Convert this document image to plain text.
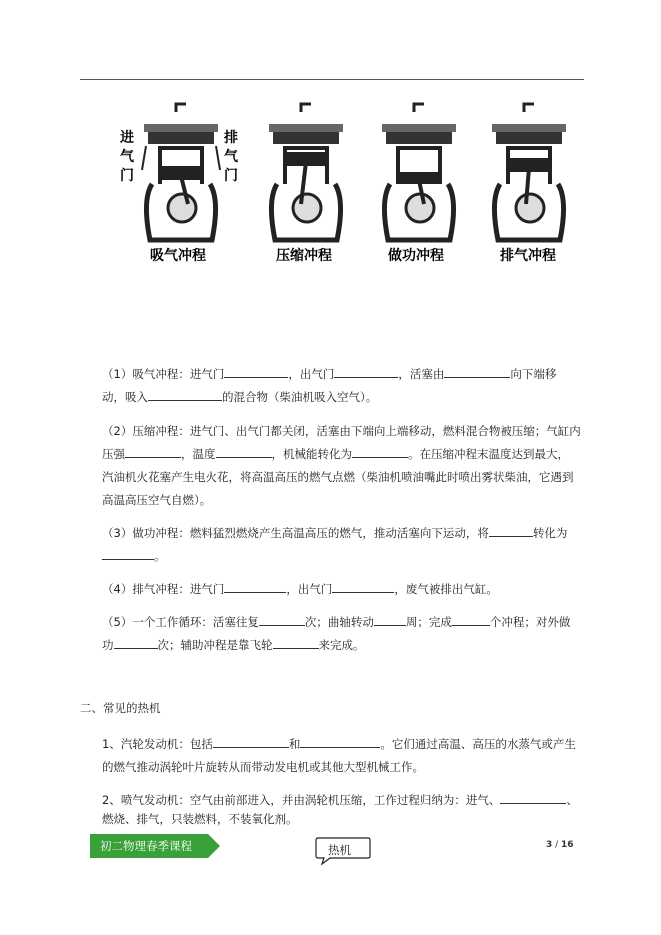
进气门
排气门
吸气冲程	压缩冲程	做功冲程	排气冲程
（1）吸气冲程：进气门	，出气门	，活塞由	向下端移
动，吸入	的混合物（柴油机吸入空气）。
（2）压缩冲程：进气门、出气门都关闭，活塞由下端向上端移动，燃料混合物被压缩；气缸内
压强	，温度	，机械能转化为	。在压缩冲程末温度达到最大，
汽油机火花塞产生电火花，将高温高压的燃气点燃（柴油机喷油嘴此时喷出雾状柴油，它遇到
高温高压空气自燃）。
（3）做功冲程：燃料猛烈燃烧产生高温高压的燃气，推动活塞向下运动，将	转化为
。
（4）排气冲程：进气门	，出气门	，废气被排出气缸。
（5）一个工作循环：活塞往复	次；曲轴转动	周；完成	个冲程；对外做
功	次；辅助冲程是靠飞轮	来完成。
二、常见的热机
1、汽轮发动机：包括	和	。它们通过高温、高压的水蒸气或产生
的燃气推动涡轮叶片旋转从而带动发电机或其他大型机械工作。
2、喷气发动机：空气由前部进入，并由涡轮机压缩，工作过程归纳为：进气、	、
燃烧、排气，只装燃料，不装氧化剂。
初二物理春季课程	热机	3 / 16
